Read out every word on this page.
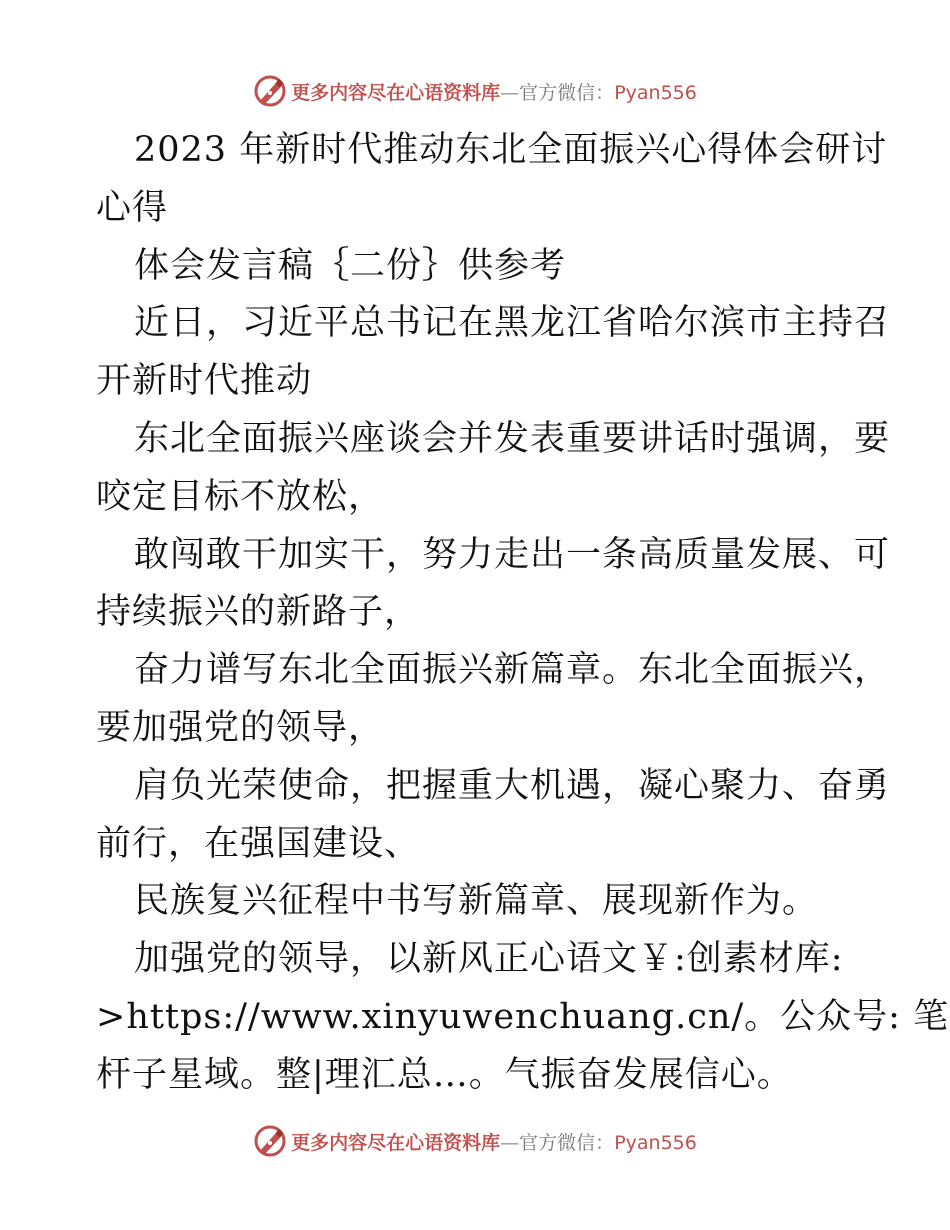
更多内容尽在心语资料库—官方微信：Pyan556
2023 年新时代推动东北全面振兴心得体会研讨
心得
体会发言稿｛二份｝供参考
近日，习近平总书记在黑龙江省哈尔滨市主持召
开新时代推动
东北全面振兴座谈会并发表重要讲话时强调，要
咬定目标不放松，
敢闯敢干加实干，努力走出一条高质量发展、可
持续振兴的新路子，
奋力谱写东北全面振兴新篇章。东北全面振兴，
要加强党的领导，
肩负光荣使命，把握重大机遇，凝心聚力、奋勇
前行，在强国建设、
民族复兴征程中书写新篇章、展现新作为。
加强党的领导，以新风正心语文￥:创素材库:
>https://www.xinyuwenchuang.cn/。公众号: 笔
杆子星域。整|理汇总…。气振奋发展信心。
更多内容尽在心语资料库—官方微信：Pyan556
